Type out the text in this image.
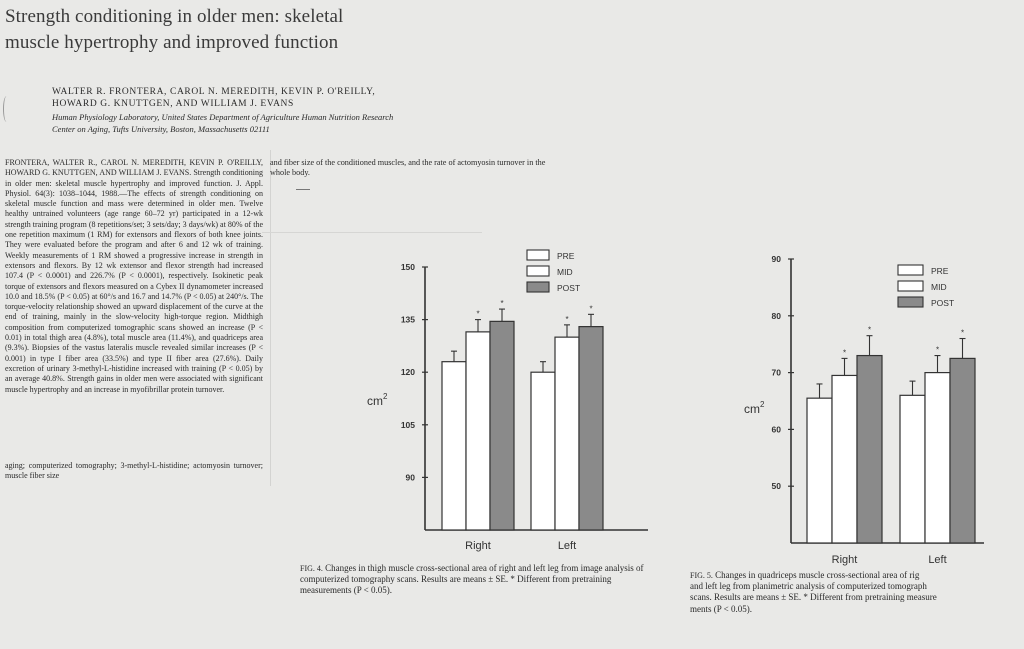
Strength conditioning in older men: skeletal
muscle hypertrophy and improved function
WALTER R. FRONTERA, CAROL N. MEREDITH, KEVIN P. O'REILLY,
HOWARD G. KNUTTGEN, AND WILLIAM J. EVANS
Human Physiology Laboratory, United States Department of Agriculture Human Nutrition Research
Center on Aging, Tufts University, Boston, Massachusetts 02111
FRONTERA, WALTER R., CAROL N. MEREDITH, KEVIN P. O'REILLY, HOWARD G. KNUTTGEN, AND WILLIAM J. EVANS. Strength conditioning in older men: skeletal muscle hypertrophy and improved function. J. Appl. Physiol. 64(3): 1038–1044, 1988.—The effects of strength conditioning on skeletal muscle function and mass were determined in older men. Twelve healthy untrained volunteers (age range 60–72 yr) participated in a 12-wk strength training program (8 repetitions/set; 3 sets/day; 3 days/wk) at 80% of the one repetition maximum (1 RM) for extensors and flexors of both knee joints. They were evaluated before the program and after 6 and 12 wk of training. Weekly measurements of 1 RM showed a progressive increase in strength in extensors and flexors. By 12 wk extensor and flexor strength had increased 107.4 (P < 0.0001) and 226.7% (P < 0.0001), respectively. Isokinetic peak torque of extensors and flexors measured on a Cybex II dynamometer increased 10.0 and 18.5% (P < 0.05) at 60°/s and 16.7 and 14.7% (P < 0.05) at 240°/s. The torque-velocity relationship showed an upward displacement of the curve at the end of training, mainly in the slow-velocity high-torque region. Midthigh composition from computerized tomographic scans showed an increase (P < 0.01) in total thigh area (4.8%), total muscle area (11.4%), and quadriceps area (9.3%). Biopsies of the vastus lateralis muscle revealed similar increases (P < 0.001) in type I fiber area (33.5%) and type II fiber area (27.6%). Daily excretion of urinary 3-methyl-L-histidine increased with training (P < 0.05) by an average 40.8%. Strength gains in older men were associated with significant muscle hypertrophy and an increase in myofibrillar protein turnover.
aging; computerized tomography; 3-methyl-L-histidine; actomyosin turnover; muscle fiber size
and fiber size of the conditioned muscles, and the rate of actomyosin turnover in the whole body.
90
105
120
135
150
$cm^2$
*
*
Right
*
*
Left
PRE
MID
POST
50
60
70
80
90
$cm^2$
*
*
Right
*
*
Left
PRE
MID
POST
FIG. 4. Changes in thigh muscle cross-sectional area of right and left leg from image analysis of computerized tomography scans. Results are means ± SE. * Different from pretraining measurements (P < 0.05).
FIG. 5. Changes in quadriceps muscle cross-sectional area of rig
and left leg from planimetric analysis of computerized tomograph
scans. Results are means ± SE. * Different from pretraining measure
ments (P < 0.05).
